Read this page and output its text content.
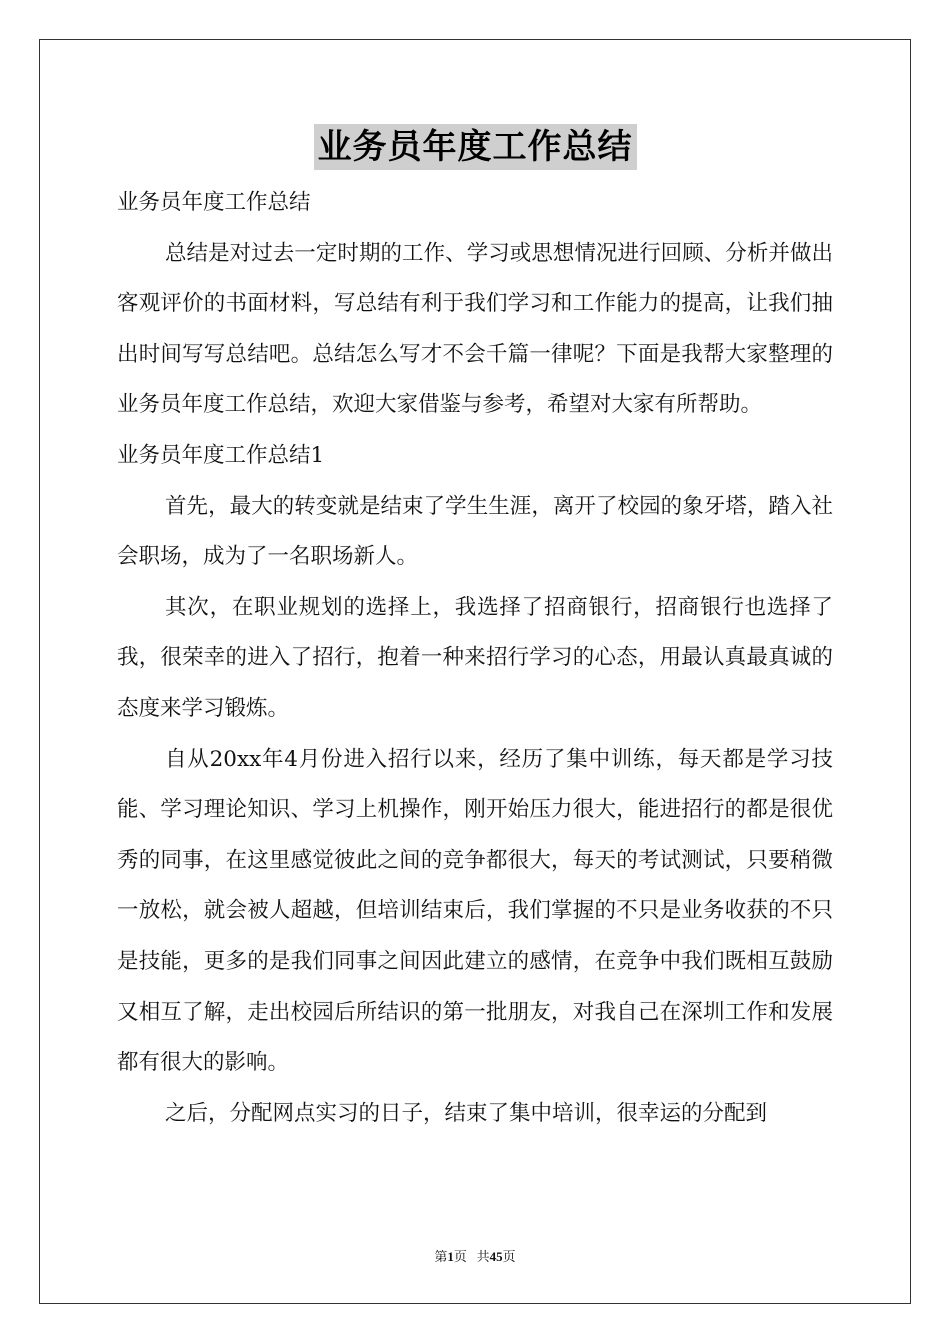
业务员年度工作总结

业务员年度工作总结

总结是对过去一定时期的工作、学习或思想情况进行回顾、分析并做出客观评价的书面材料，写总结有利于我们学习和工作能力的提高，让我们抽出时间写写总结吧。总结怎么写才不会千篇一律呢？下面是我帮大家整理的业务员年度工作总结，欢迎大家借鉴与参考，希望对大家有所帮助。

业务员年度工作总结1

首先，最大的转变就是结束了学生生涯，离开了校园的象牙塔，踏入社会职场，成为了一名职场新人。

其次，在职业规划的选择上，我选择了招商银行，招商银行也选择了我，很荣幸的进入了招行，抱着一种来招行学习的心态，用最认真最真诚的态度来学习锻炼。

自从20xx年4月份进入招行以来，经历了集中训练，每天都是学习技能、学习理论知识、学习上机操作，刚开始压力很大，能进招行的都是很优秀的同事，在这里感觉彼此之间的竞争都很大，每天的考试测试，只要稍微一放松，就会被人超越，但培训结束后，我们掌握的不只是业务收获的不只是技能，更多的是我们同事之间因此建立的感情，在竞争中我们既相互鼓励又相互了解，走出校园后所结识的第一批朋友，对我自己在深圳工作和发展都有很大的影响。

之后，分配网点实习的日子，结束了集中培训，很幸运的分配到

第1页   共45页
